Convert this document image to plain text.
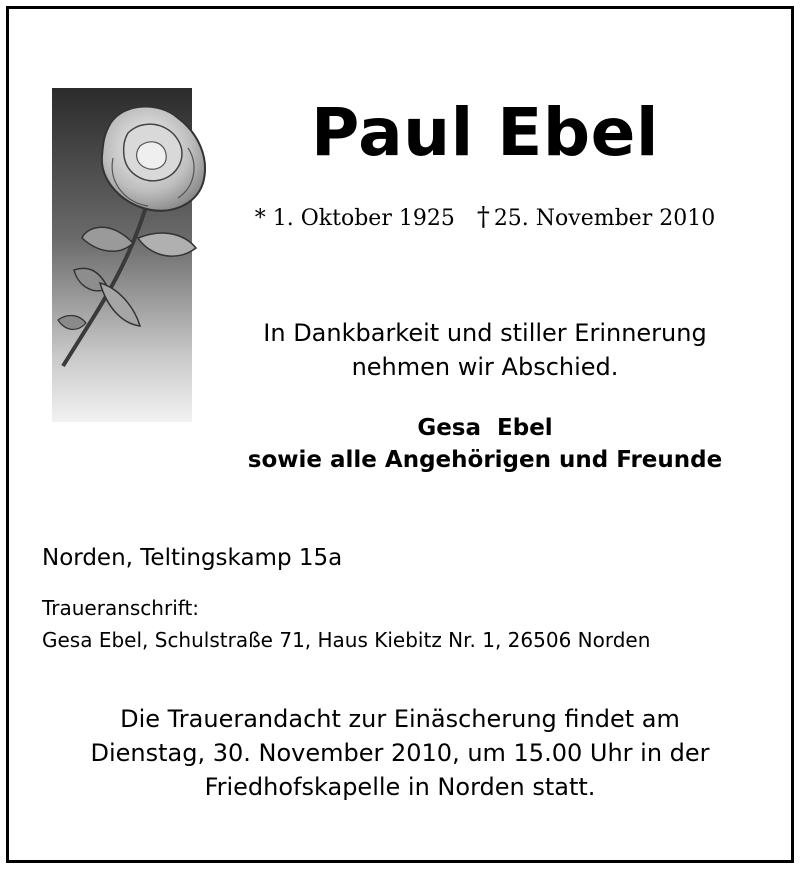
Paul Ebel
* 1. Oktober 1925 † 25. November 2010
In Dankbarkeit und stiller Erinnerung
nehmen wir Abschied.
Gesa  Ebel
sowie alle Angehörigen und Freunde
Norden, Teltingskamp 15a
Traueranschrift:
Gesa Ebel, Schulstraße 71, Haus Kiebitz Nr. 1, 26506 Norden
Die Trauerandacht zur Einäscherung findet am
Dienstag, 30. November 2010, um 15.00 Uhr in der
Friedhofskapelle in Norden statt.
